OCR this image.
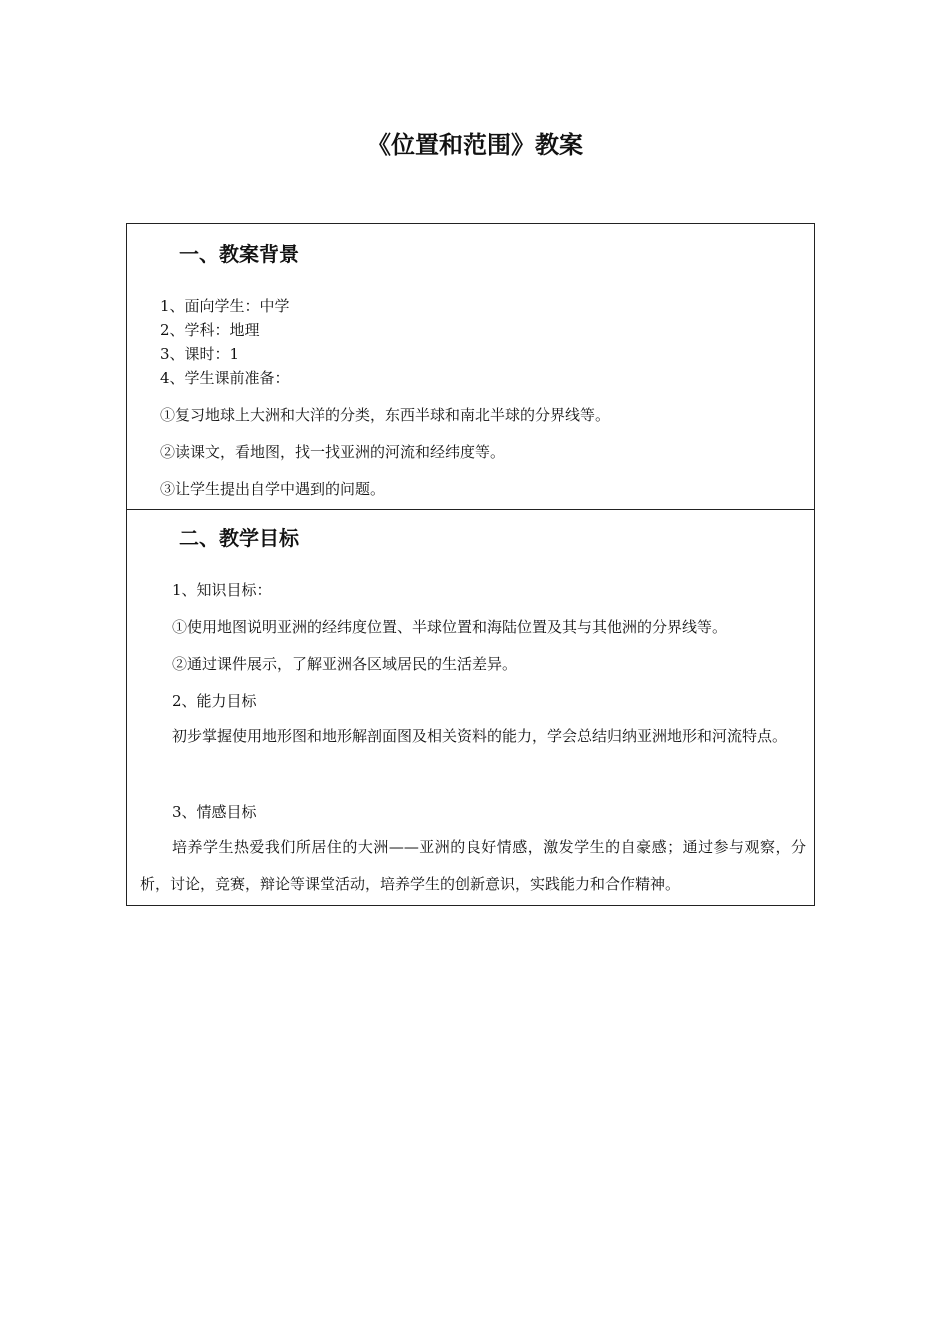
《位置和范围》教案
一、教案背景
1、面向学生：中学
2、学科：地理
3、课时：1
4、学生课前准备：
①复习地球上大洲和大洋的分类，东西半球和南北半球的分界线等。
②读课文，看地图，找一找亚洲的河流和经纬度等。
③让学生提出自学中遇到的问题。
二、教学目标
1、知识目标：
①使用地图说明亚洲的经纬度位置、半球位置和海陆位置及其与其他洲的分界线等。
②通过课件展示，了解亚洲各区域居民的生活差异。
2、能力目标
初步掌握使用地形图和地形解剖面图及相关资料的能力，学会总结归纳亚洲地形和河流特点。
3、情感目标
培养学生热爱我们所居住的大洲——亚洲的良好情感，激发学生的自豪感；通过参与观察，分析，讨论，竞赛，辩论等课堂活动，培养学生的创新意识，实践能力和合作精神。
